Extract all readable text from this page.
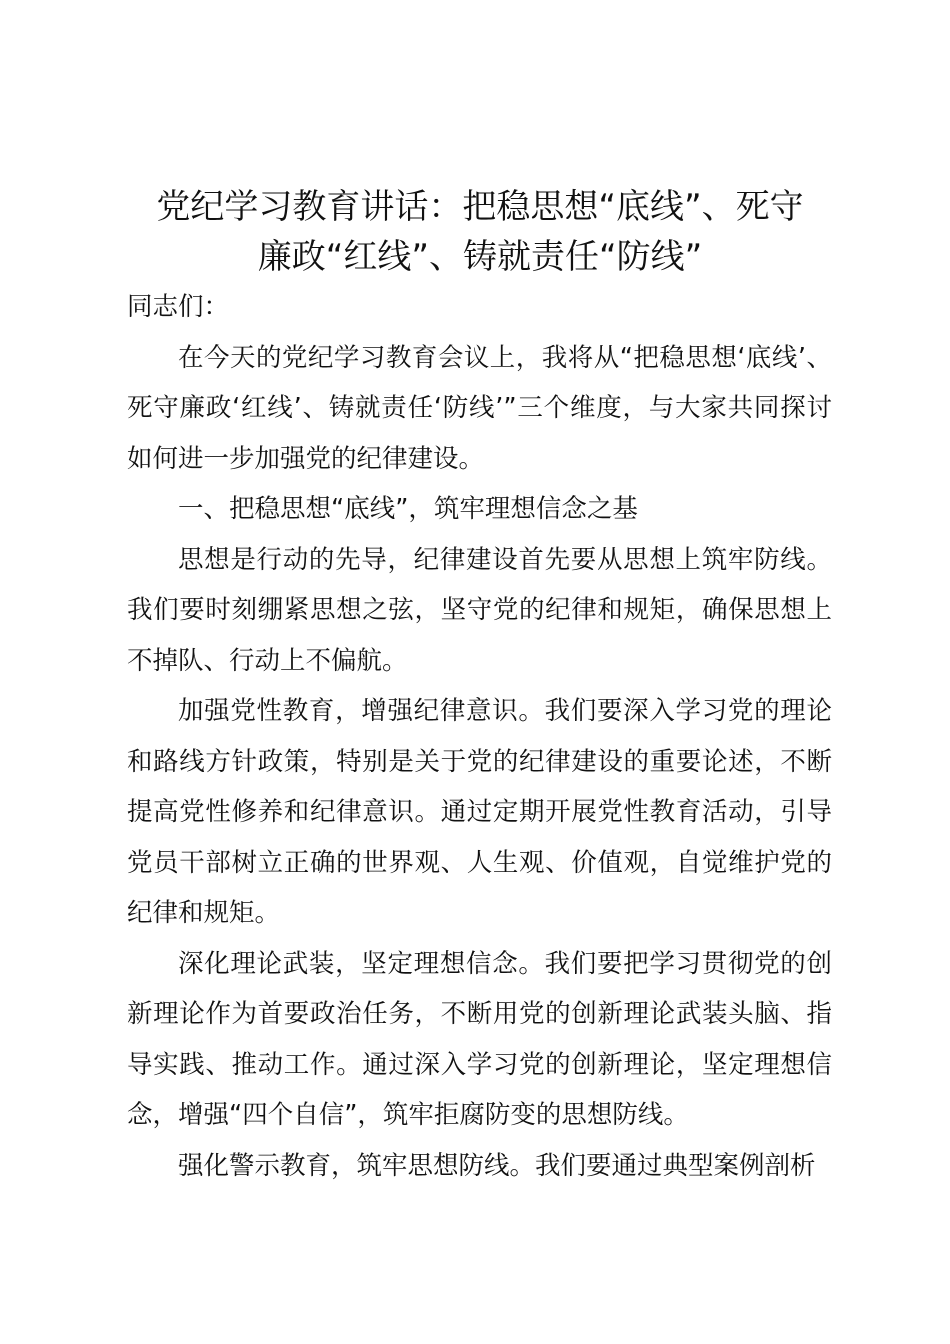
党纪学习教育讲话：把稳思想“底线”、死守
廉政“红线”、铸就责任“防线”

同志们：

在今天的党纪学习教育会议上，我将从“把稳思想‘底线’、死守廉政‘红线’、铸就责任‘防线’”三个维度，与大家共同探讨如何进一步加强党的纪律建设。

一、把稳思想“底线”，筑牢理想信念之基

思想是行动的先导，纪律建设首先要从思想上筑牢防线。我们要时刻绷紧思想之弦，坚守党的纪律和规矩，确保思想上不掉队、行动上不偏航。

加强党性教育，增强纪律意识。我们要深入学习党的理论和路线方针政策，特别是关于党的纪律建设的重要论述，不断提高党性修养和纪律意识。通过定期开展党性教育活动，引导党员干部树立正确的世界观、人生观、价值观，自觉维护党的纪律和规矩。

深化理论武装，坚定理想信念。我们要把学习贯彻党的创新理论作为首要政治任务，不断用党的创新理论武装头脑、指导实践、推动工作。通过深入学习党的创新理论，坚定理想信念，增强“四个自信”，筑牢拒腐防变的思想防线。

强化警示教育，筑牢思想防线。我们要通过典型案例剖析
